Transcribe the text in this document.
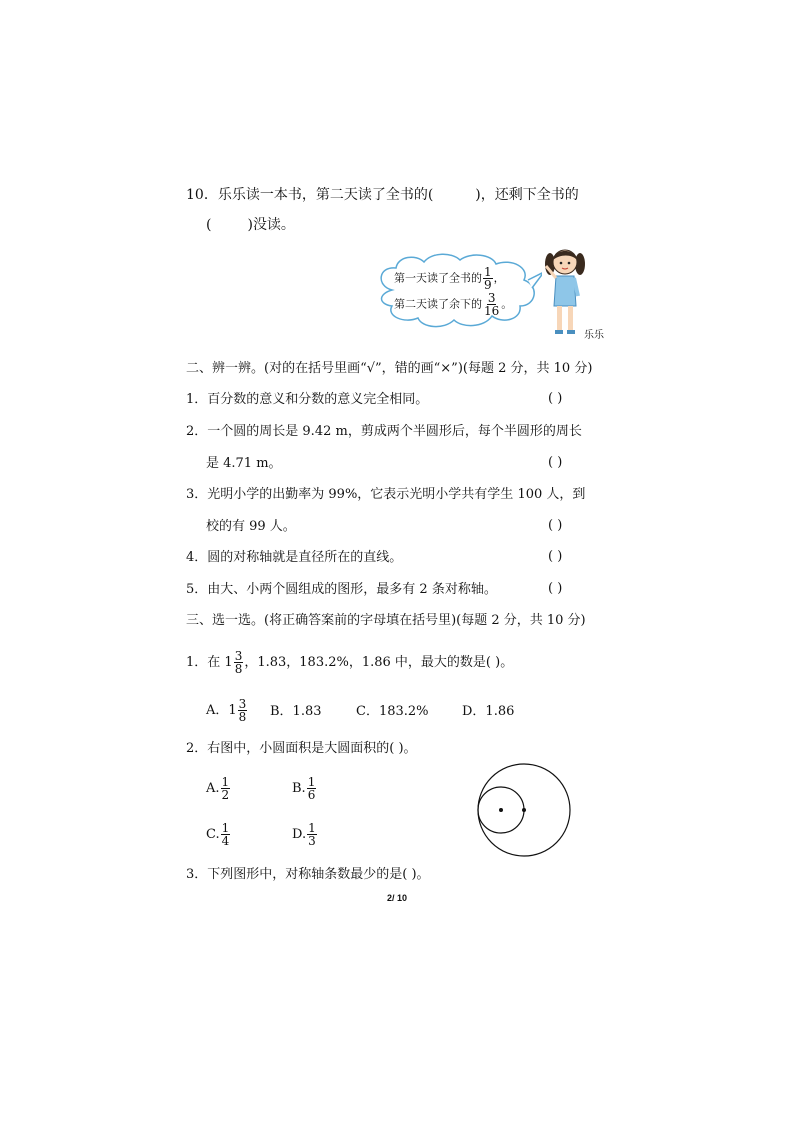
10．乐乐读一本书，第二天读了全书的(	)，还剩下全书的
(	)没读。
第一天读了全书的 $\frac{1}{9}$ ，
第二天读了余下的 $\frac{3}{16}$ 。
乐乐
二、辨一辨。(对的在括号里画“√”，错的画“×”)(每题 2 分，共 10 分)
1．百分数的意义和分数的意义完全相同。	( )
2．一个圆的周长是 9.42 m，剪成两个半圆形后，每个半圆形的周长
是 4.71 m。	( )
3．光明小学的出勤率为 99%，它表示光明小学共有学生 100 人，到
校的有 99 人。	( )
4．圆的对称轴就是直径所在的直线。	( )
5．由大、小两个圆组成的图形，最多有 2 条对称轴。	( )
三、选一选。(将正确答案前的字母填在括号里)(每题 2 分，共 10 分)
1．在 $1 \frac{3}{8}$ ，1.83，183.2%，1.86 中，最大的数是( )。
A．$1 \frac{3}{8}$ B．1.83	C．183.2%	D．1.86
2．右图中，小圆面积是大圆面积的( )。
A. $\frac{1}{2}$	B. $\frac{1}{6}$
C. $\frac{1}{4}$	D. $\frac{1}{3}$
3．下列图形中，对称轴条数最少的是( )。
2/ 10
